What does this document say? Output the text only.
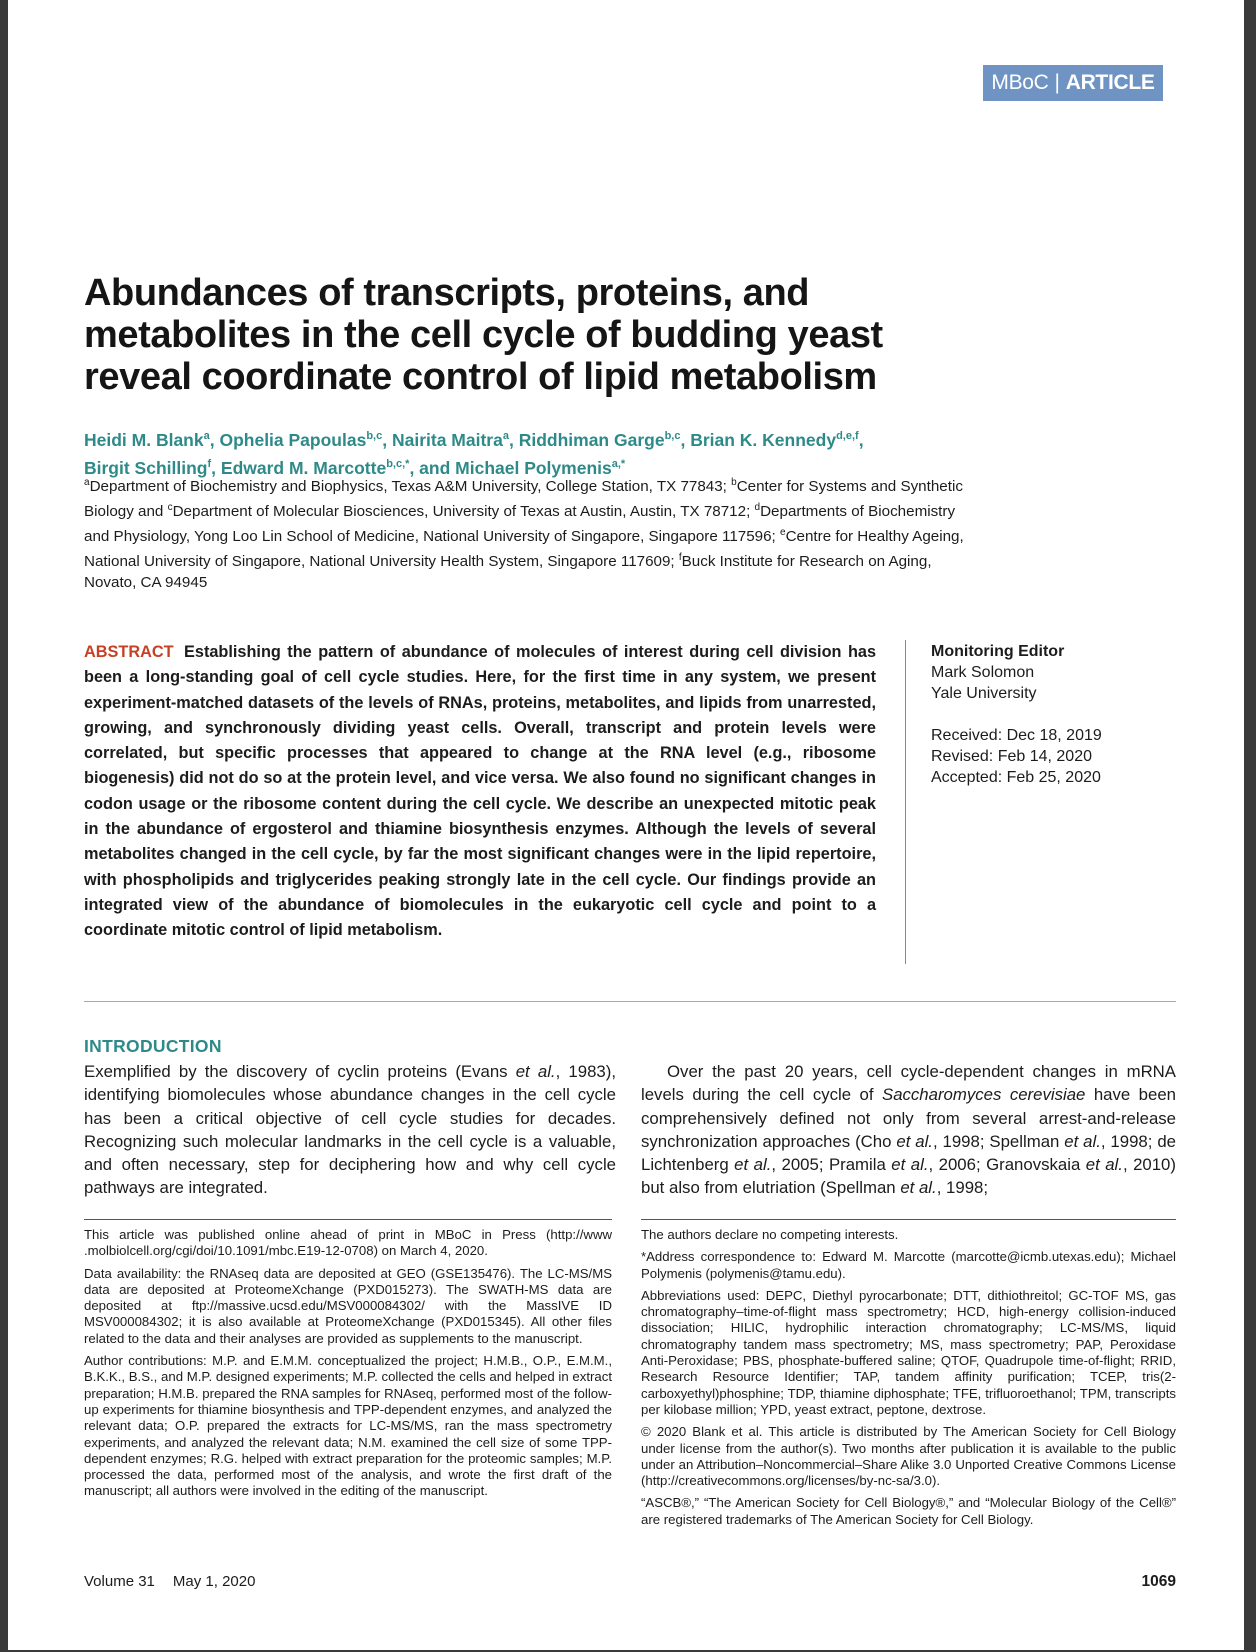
MBoC | ARTICLE
Abundances of transcripts, proteins, and metabolites in the cell cycle of budding yeast reveal coordinate control of lipid metabolism

Heidi M. Blank$^a$, Ophelia Papoulas$^{b,c}$, Nairita Maitra$^a$, Riddhiman Garge$^{b,c}$, Brian K. Kennedy$^{d,e,f}$,
Birgit Schilling$^f$, Edward M. Marcotte$^{b,c,*}$, and Michael Polymenis$^{a,*}$

$^a$Department of Biochemistry and Biophysics, Texas A&M University, College Station, TX 77843; $^b$Center for Systems and Synthetic Biology and $^c$Department of Molecular Biosciences, University of Texas at Austin, Austin, TX 78712; $^d$Departments of Biochemistry and Physiology, Yong Loo Lin School of Medicine, National University of Singapore, Singapore 117596; $^e$Centre for Healthy Ageing, National University of Singapore, National University Health System, Singapore 117609; $^f$Buck Institute for Research on Aging, Novato, CA 94945

ABSTRACT Establishing the pattern of abundance of molecules of interest during cell division has been a long-standing goal of cell cycle studies. Here, for the first time in any system, we present experiment-matched datasets of the levels of RNAs, proteins, metabolites, and lipids from unarrested, growing, and synchronously dividing yeast cells. Overall, transcript and protein levels were correlated, but specific processes that appeared to change at the RNA level (e.g., ribosome biogenesis) did not do so at the protein level, and vice versa. We also found no significant changes in codon usage or the ribosome content during the cell cycle. We describe an unexpected mitotic peak in the abundance of ergosterol and thiamine biosynthesis enzymes. Although the levels of several metabolites changed in the cell cycle, by far the most significant changes were in the lipid repertoire, with phospholipids and triglycerides peaking strongly late in the cell cycle. Our findings provide an integrated view of the abundance of biomolecules in the eukaryotic cell cycle and point to a coordinate mitotic control of lipid metabolism.

Monitoring Editor
Mark Solomon
Yale University
Received: Dec 18, 2019
Revised: Feb 14, 2020
Accepted: Feb 25, 2020
INTRODUCTION

Exemplified by the discovery of cyclin proteins (Evans et al., 1983), identifying biomolecules whose abundance changes in the cell cycle has been a critical objective of cell cycle studies for decades. Recognizing such molecular landmarks in the cell cycle is a valuable, and often necessary, step for deciphering how and why cell cycle pathways are integrated.

Over the past 20 years, cell cycle-dependent changes in mRNA levels during the cell cycle of Saccharomyces cerevisiae have been comprehensively defined not only from several arrest-and-release synchronization approaches (Cho et al., 1998; Spellman et al., 1998; de Lichtenberg et al., 2005; Pramila et al., 2006; Granovskaia et al., 2010) but also from elutriation (Spellman et al., 1998;

This article was published online ahead of print in MBoC in Press (http://www .molbiolcell.org/cgi/doi/10.1091/mbc.E19-12-0708) on March 4, 2020.

Data availability: the RNAseq data are deposited at GEO (GSE135476). The LC-MS/MS data are deposited at ProteomeXchange (PXD015273). The SWATH-MS data are deposited at ftp://massive.ucsd.edu/MSV000084302/ with the MassIVE ID MSV000084302; it is also available at ProteomeXchange (PXD015345). All other files related to the data and their analyses are provided as supplements to the manuscript.

Author contributions: M.P. and E.M.M. conceptualized the project; H.M.B., O.P., E.M.M., B.K.K., B.S., and M.P. designed experiments; M.P. collected the cells and helped in extract preparation; H.M.B. prepared the RNA samples for RNAseq, performed most of the follow-up experiments for thiamine biosynthesis and TPP-dependent enzymes, and analyzed the relevant data; O.P. prepared the extracts for LC-MS/MS, ran the mass spectrometry experiments, and analyzed the relevant data; N.M. examined the cell size of some TPP-dependent enzymes; R.G. helped with extract preparation for the proteomic samples; M.P. processed the data, performed most of the analysis, and wrote the first draft of the manuscript; all authors were involved in the editing of the manuscript.

The authors declare no competing interests.

*Address correspondence to: Edward M. Marcotte (marcotte@icmb.utexas.edu); Michael Polymenis (polymenis@tamu.edu).

Abbreviations used: DEPC, Diethyl pyrocarbonate; DTT, dithiothreitol; GC-TOF MS, gas chromatography–time-of-flight mass spectrometry; HCD, high-energy collision-induced dissociation; HILIC, hydrophilic interaction chromatography; LC-MS/MS, liquid chromatography tandem mass spectrometry; MS, mass spectrometry; PAP, Peroxidase Anti-Peroxidase; PBS, phosphate-buffered saline; QTOF, Quadrupole time-of-flight; RRID, Research Resource Identifier; TAP, tandem affinity purification; TCEP, tris(2-carboxyethyl)phosphine; TDP, thiamine diphosphate; TFE, trifluoroethanol; TPM, transcripts per kilobase million; YPD, yeast extract, peptone, dextrose.

© 2020 Blank et al. This article is distributed by The American Society for Cell Biology under license from the author(s). Two months after publication it is available to the public under an Attribution–Noncommercial–Share Alike 3.0 Unported Creative Commons License (http://creativecommons.org/licenses/by-nc-sa/3.0).

“ASCB®,” “The American Society for Cell Biology®,” and “Molecular Biology of the Cell®” are registered trademarks of The American Society for Cell Biology.

Volume 31 May 1, 2020	1069
